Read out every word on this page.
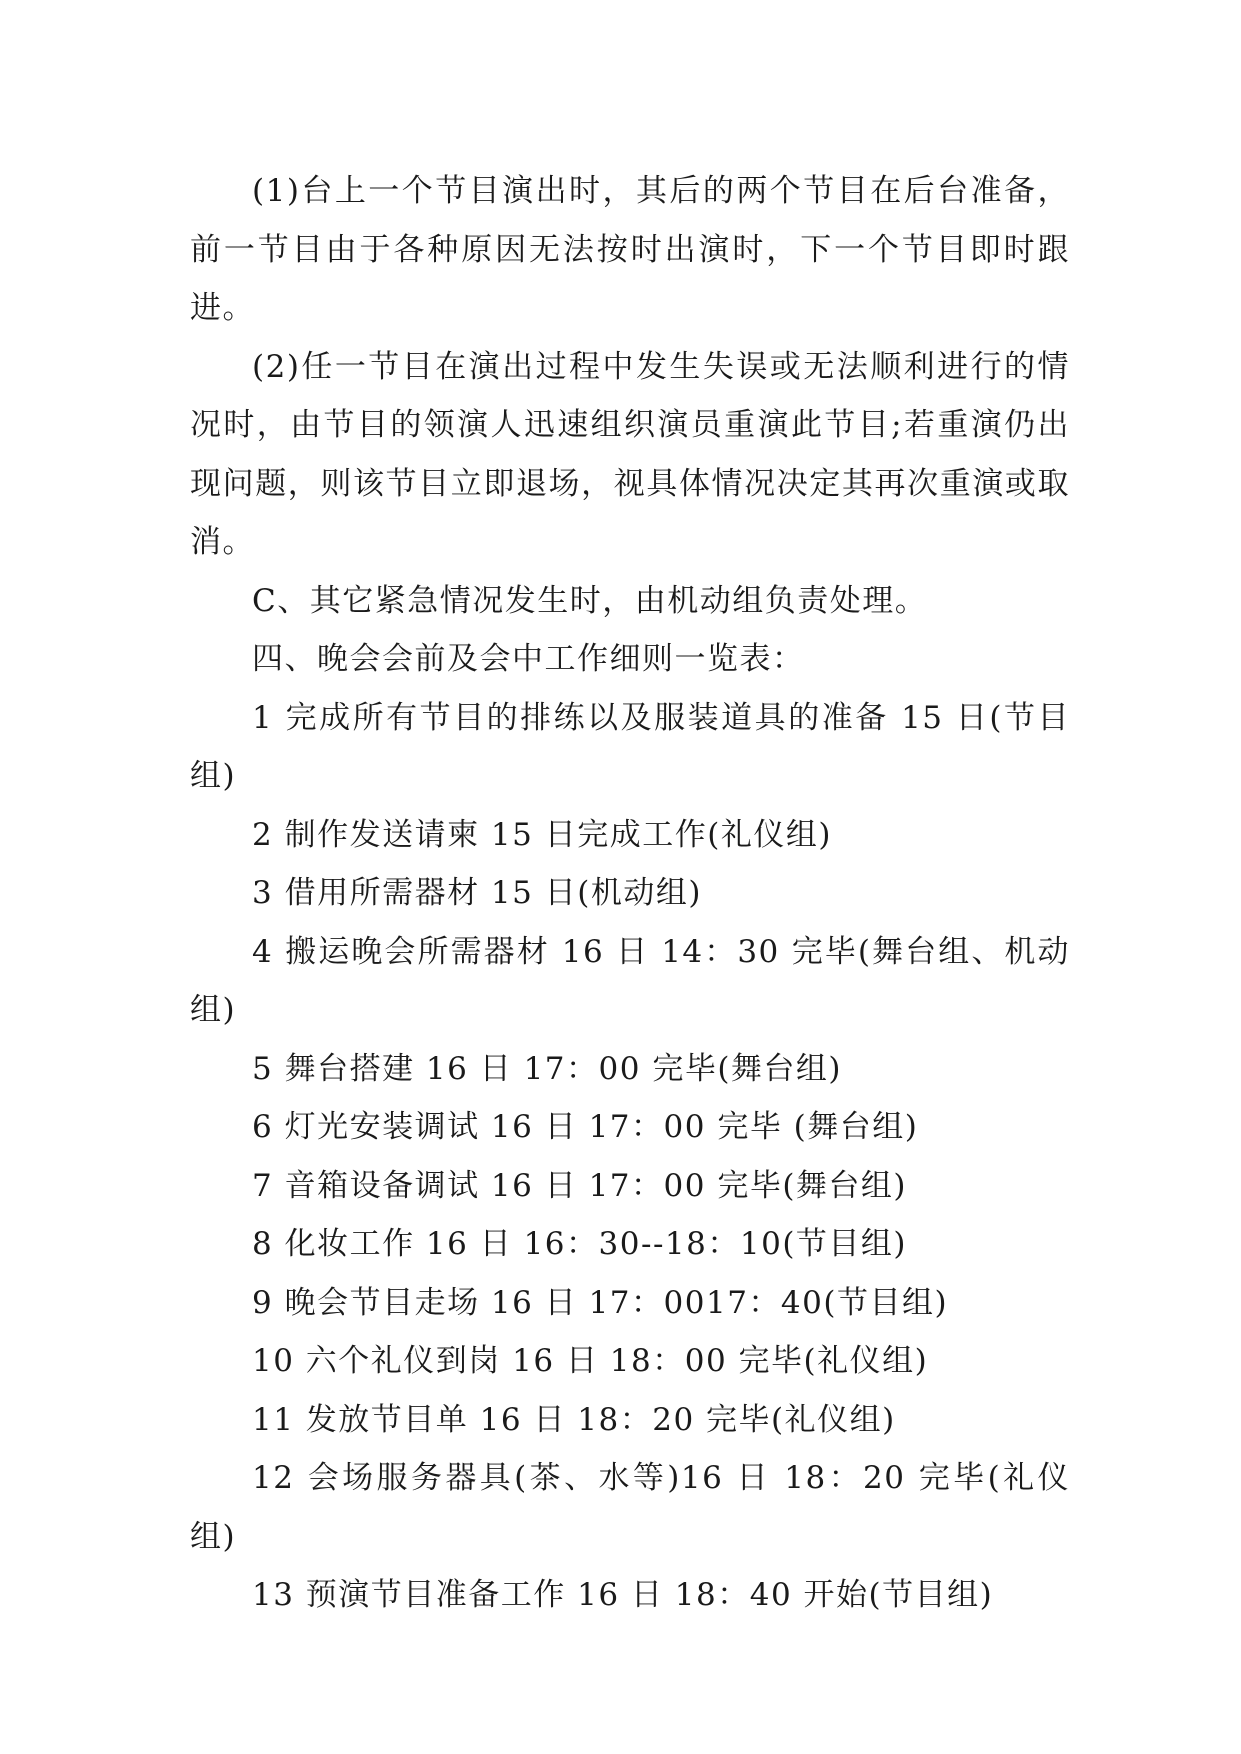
(1)台上一个节目演出时，其后的两个节目在后台准备，前一节目由于各种原因无法按时出演时，下一个节目即时跟进。

(2)任一节目在演出过程中发生失误或无法顺利进行的情况时，由节目的领演人迅速组织演员重演此节目;若重演仍出现问题，则该节目立即退场，视具体情况决定其再次重演或取消。

C、其它紧急情况发生时，由机动组负责处理。

四、晚会会前及会中工作细则一览表：

1 完成所有节目的排练以及服装道具的准备 15 日(节目组)

2 制作发送请柬 15 日完成工作(礼仪组)

3 借用所需器材 15 日(机动组)

4 搬运晚会所需器材 16 日 14：30 完毕(舞台组、机动组)

5 舞台搭建 16 日 17：00 完毕(舞台组)

6 灯光安装调试 16 日 17：00 完毕 (舞台组)

7 音箱设备调试 16 日 17：00 完毕(舞台组)

8 化妆工作 16 日 16：30--18：10(节目组)

9 晚会节目走场 16 日 17：0017：40(节目组)

10 六个礼仪到岗 16 日 18：00 完毕(礼仪组)

11 发放节目单 16 日 18：20 完毕(礼仪组)

12 会场服务器具(茶、水等)16 日 18：20 完毕(礼仪组)

13 预演节目准备工作 16 日 18：40 开始(节目组)
